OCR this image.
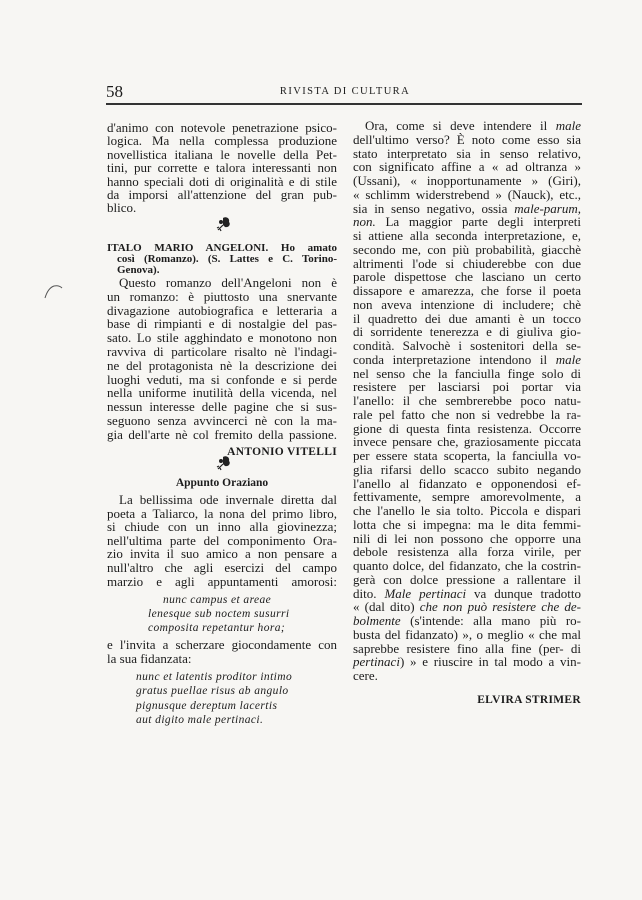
58	RIVISTA DI CULTURA
d'animo con notevole penetrazione psico-
logica. Ma nella complessa produzione
novellistica italiana le novelle della Pet-
tini, pur corrette e talora interessanti non
hanno speciali doti di originalità e di stile
da imporsi all'attenzione del gran pub-
blico.
ITALO MARIO ANGELONI. Ho amato
così (Romanzo). (S. Lattes e C. Torino-
Genova).
Questo romanzo dell'Angeloni non è
un romanzo: è piuttosto una snervante
divagazione autobiografica e letteraria a
base di rimpianti e di nostalgie del pas-
sato. Lo stile agghindato e monotono non
ravviva di particolare risalto nè l'indagi-
ne del protagonista nè la descrizione dei
luoghi veduti, ma si confonde e si perde
nella uniforme inutilità della vicenda, nel
nessun interesse delle pagine che si sus-
seguono senza avvincerci nè con la ma-
gia dell'arte nè col fremito della passione.
La bellissima ode invernale diretta dal
poeta a Taliarco, la nona del primo libro,
si chiude con un inno alla giovinezza;
nell'ultima parte del componimento Ora-
zio invita il suo amico a non pensare a
null'altro che agli esercizi del campo
marzio e agli appuntamenti amorosi:
nunc campus et areae
lenesque sub noctem susurri
composita repetantur hora;
e l'invita a scherzare giocondamente con
la sua fidanzata:
nunc et latentis proditor intimo
gratus puellae risus ab angulo
pignusque dereptum lacertis
aut digito male pertinaci.
Ora, come si deve intendere il male
dell'ultimo verso? È noto come esso sia
stato interpretato sia in senso relativo,
con significato affine a « ad oltranza »
(Ussani), « inopportunamente » (Giri),
« schlimm widerstrebend » (Nauck), etc.,
sia in senso negativo, ossia male-parum,
non. La maggior parte degli interpreti
si attiene alla seconda interpretazione, e,
secondo me, con più probabilità, giacchè
altrimenti l'ode si chiuderebbe con due
parole dispettose che lasciano un certo
dissapore e amarezza, che forse il poeta
non aveva intenzione di includere; chè
il quadretto dei due amanti è un tocco
di sorridente tenerezza e di giuliva gio-
condità. Salvochè i sostenitori della se-
conda interpretazione intendono il male
nel senso che la fanciulla finge solo di
resistere per lasciarsi poi portar via
l'anello: il che sembrerebbe poco natu-
rale pel fatto che non si vedrebbe la ra-
gione di questa finta resistenza. Occorre
invece pensare che, graziosamente piccata
per essere stata scoperta, la fanciulla vo-
glia rifarsi dello scacco subito negando
l'anello al fidanzato e opponendosi ef-
fettivamente, sempre amorevolmente, a
che l'anello le sia tolto. Piccola e dispari
lotta che si impegna: ma le dita femmi-
nili di lei non possono che opporre una
debole resistenza alla forza virile, per
quanto dolce, del fidanzato, che la costrin-
gerà con dolce pressione a rallentare il
dito. Male pertinaci va dunque tradotto
« (dal dito) che non può resistere che de-
bolmente (s'intende: alla mano più ro-
busta del fidanzato) », o meglio « che mal
saprebbe resistere fino alla fine (per- di
pertinaci) » e riuscire in tal modo a vin-
cere.
ANTONIO VITELLI
Appunto Oraziano
ELVIRA STRIMER
